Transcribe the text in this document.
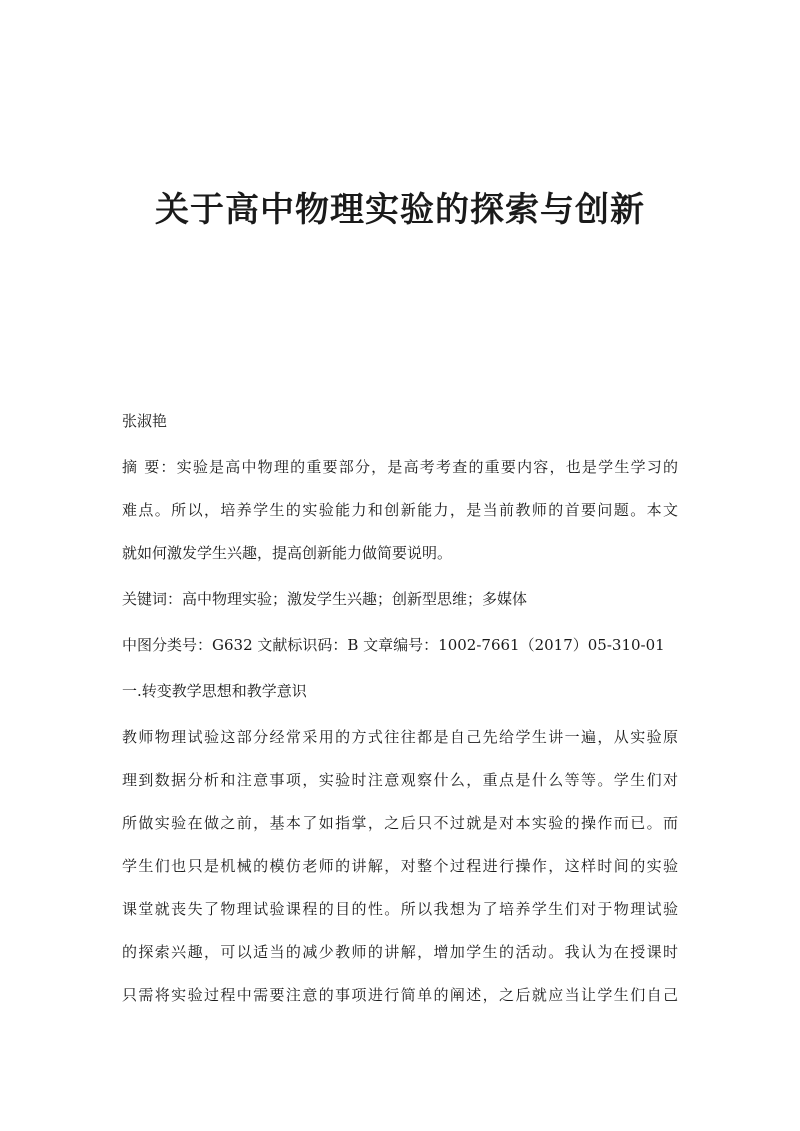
关于高中物理实验的探索与创新

张淑艳

摘 要：实验是高中物理的重要部分，是高考考查的重要内容，也是学生学习的

难点。所以，培养学生的实验能力和创新能力，是当前教师的首要问题。本文

就如何激发学生兴趣，提高创新能力做简要说明。

关键词：高中物理实验；激发学生兴趣；创新型思维；多媒体

中图分类号：G632 文献标识码：B 文章编号：1002-7661（2017）05-310-01

一.转变教学思想和教学意识

教师物理试验这部分经常采用的方式往往都是自己先给学生讲一遍，从实验原

理到数据分析和注意事项，实验时注意观察什么，重点是什么等等。学生们对

所做实验在做之前，基本了如指掌，之后只不过就是对本实验的操作而已。而

学生们也只是机械的模仿老师的讲解，对整个过程进行操作，这样时间的实验

课堂就丧失了物理试验课程的目的性。所以我想为了培养学生们对于物理试验

的探索兴趣，可以适当的减少教师的讲解，增加学生的活动。我认为在授课时

只需将实验过程中需要注意的事项进行简单的阐述，之后就应当让学生们自己
